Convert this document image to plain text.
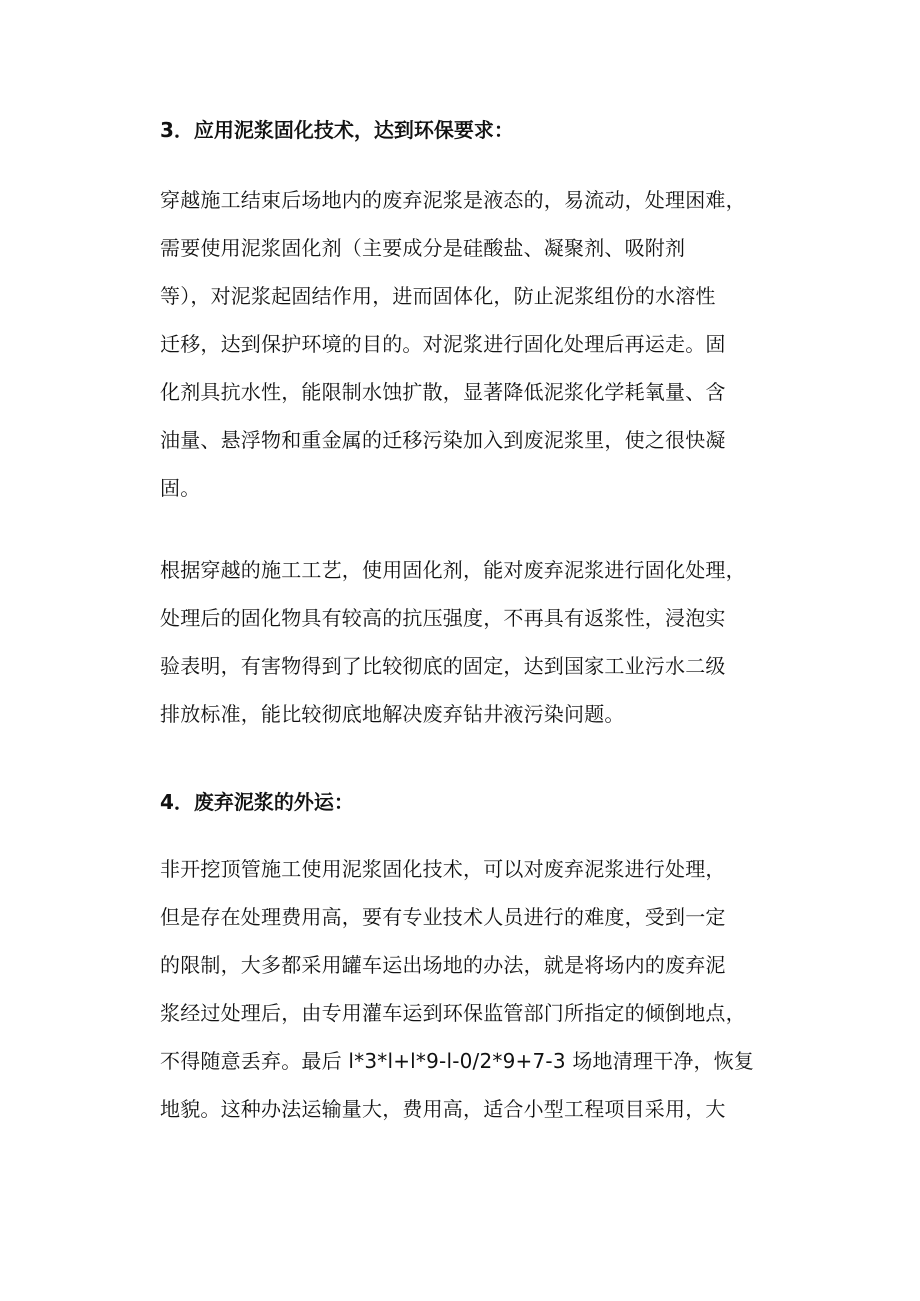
3．应用泥浆固化技术，达到环保要求：
穿越施工结束后场地内的废弃泥浆是液态的，易流动，处理困难，
需要使用泥浆固化剂（主要成分是硅酸盐、凝聚剂、吸附剂
等），对泥浆起固结作用，进而固体化，防止泥浆组份的水溶性
迁移，达到保护环境的目的。对泥浆进行固化处理后再运走。固
化剂具抗水性，能限制水蚀扩散，显著降低泥浆化学耗氧量、含
油量、悬浮物和重金属的迁移污染加入到废泥浆里，使之很快凝
固。
根据穿越的施工工艺，使用固化剂，能对废弃泥浆进行固化处理，
处理后的固化物具有较高的抗压强度，不再具有返浆性，浸泡实
验表明，有害物得到了比较彻底的固定，达到国家工业污水二级
排放标准，能比较彻底地解决废弃钻井液污染问题。
4．废弃泥浆的外运：
非开挖顶管施工使用泥浆固化技术，可以对废弃泥浆进行处理，
但是存在处理费用高，要有专业技术人员进行的难度，受到一定
的限制，大多都采用罐车运出场地的办法，就是将场内的废弃泥
浆经过处理后，由专用灌车运到环保监管部门所指定的倾倒地点，
不得随意丢弃。最后 l*3*l+l*9-l-0/2*9+7-3 场地清理干净，恢复
地貌。这种办法运输量大，费用高，适合小型工程项目采用，大
